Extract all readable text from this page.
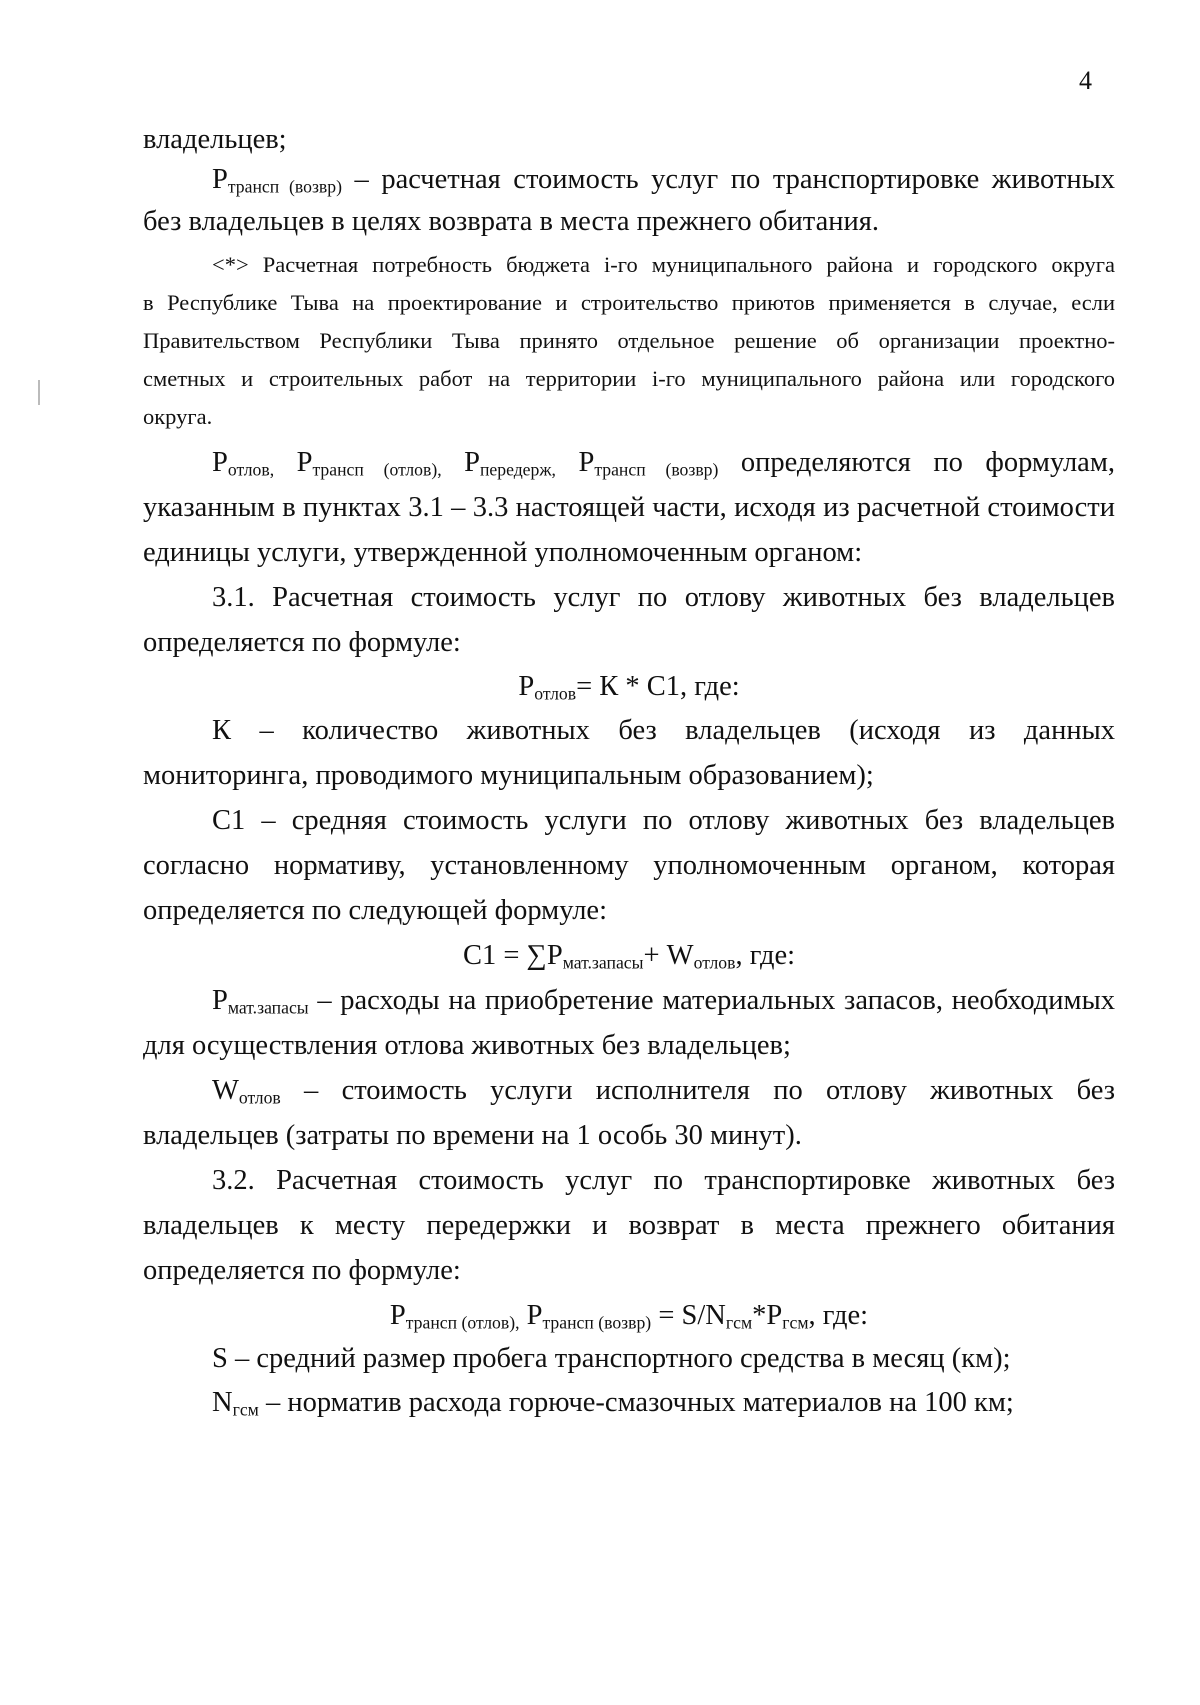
4
владельцев;
$Р_{трансп (возвр)}$ – расчетная стоимость услуг по транспортировке животных
без владельцев в целях возврата в места прежнего обитания.
<*> Расчетная потребность бюджета i-го муниципального района и городского округа
в Республике Тыва на проектирование и строительство приютов применяется в случае, если
Правительством Республики Тыва принято отдельное решение об организации проектно-
сметных и строительных работ на территории i-го муниципального района или городского
округа.
$Р_{отлов,}$ $Р_{трансп (отлов),}$ $Р_{передерж,}$ $Р_{трансп (возвр)}$ определяются по формулам,
указанным в пунктах 3.1 – 3.3 настоящей части, исходя из расчетной стоимости
единицы услуги, утвержденной уполномоченным органом:
3.1. Расчетная стоимость услуг по отлову животных без владельцев
определяется по формуле:
$Р_{отлов}= К * С1$, где:
К – количество животных без владельцев (исходя из данных
мониторинга, проводимого муниципальным образованием);
С1 – средняя стоимость услуги по отлову животных без владельцев
согласно нормативу, установленному уполномоченным органом, которая
определяется по следующей формуле:
$С1 = \sum Р_{мат.запасы}+ W_{отлов}$, где:
$Р_{мат.запасы}$ – расходы на приобретение материальных запасов, необходимых
для осуществления отлова животных без владельцев;
$W_{отлов}$ – стоимость услуги исполнителя по отлову животных без
владельцев (затраты по времени на 1 особь 30 минут).
3.2. Расчетная стоимость услуг по транспортировке животных без
владельцев к месту передержки и возврат в места прежнего обитания
определяется по формуле:
$Р_{трансп (отлов),}$ $Р_{трансп (возвр)} = S/N_{гсм}*Р_{гсм}$, где:
S – средний размер пробега транспортного средства в месяц (км);
$N_{гсм}$ – норматив расхода горюче-смазочных материалов на 100 км;
